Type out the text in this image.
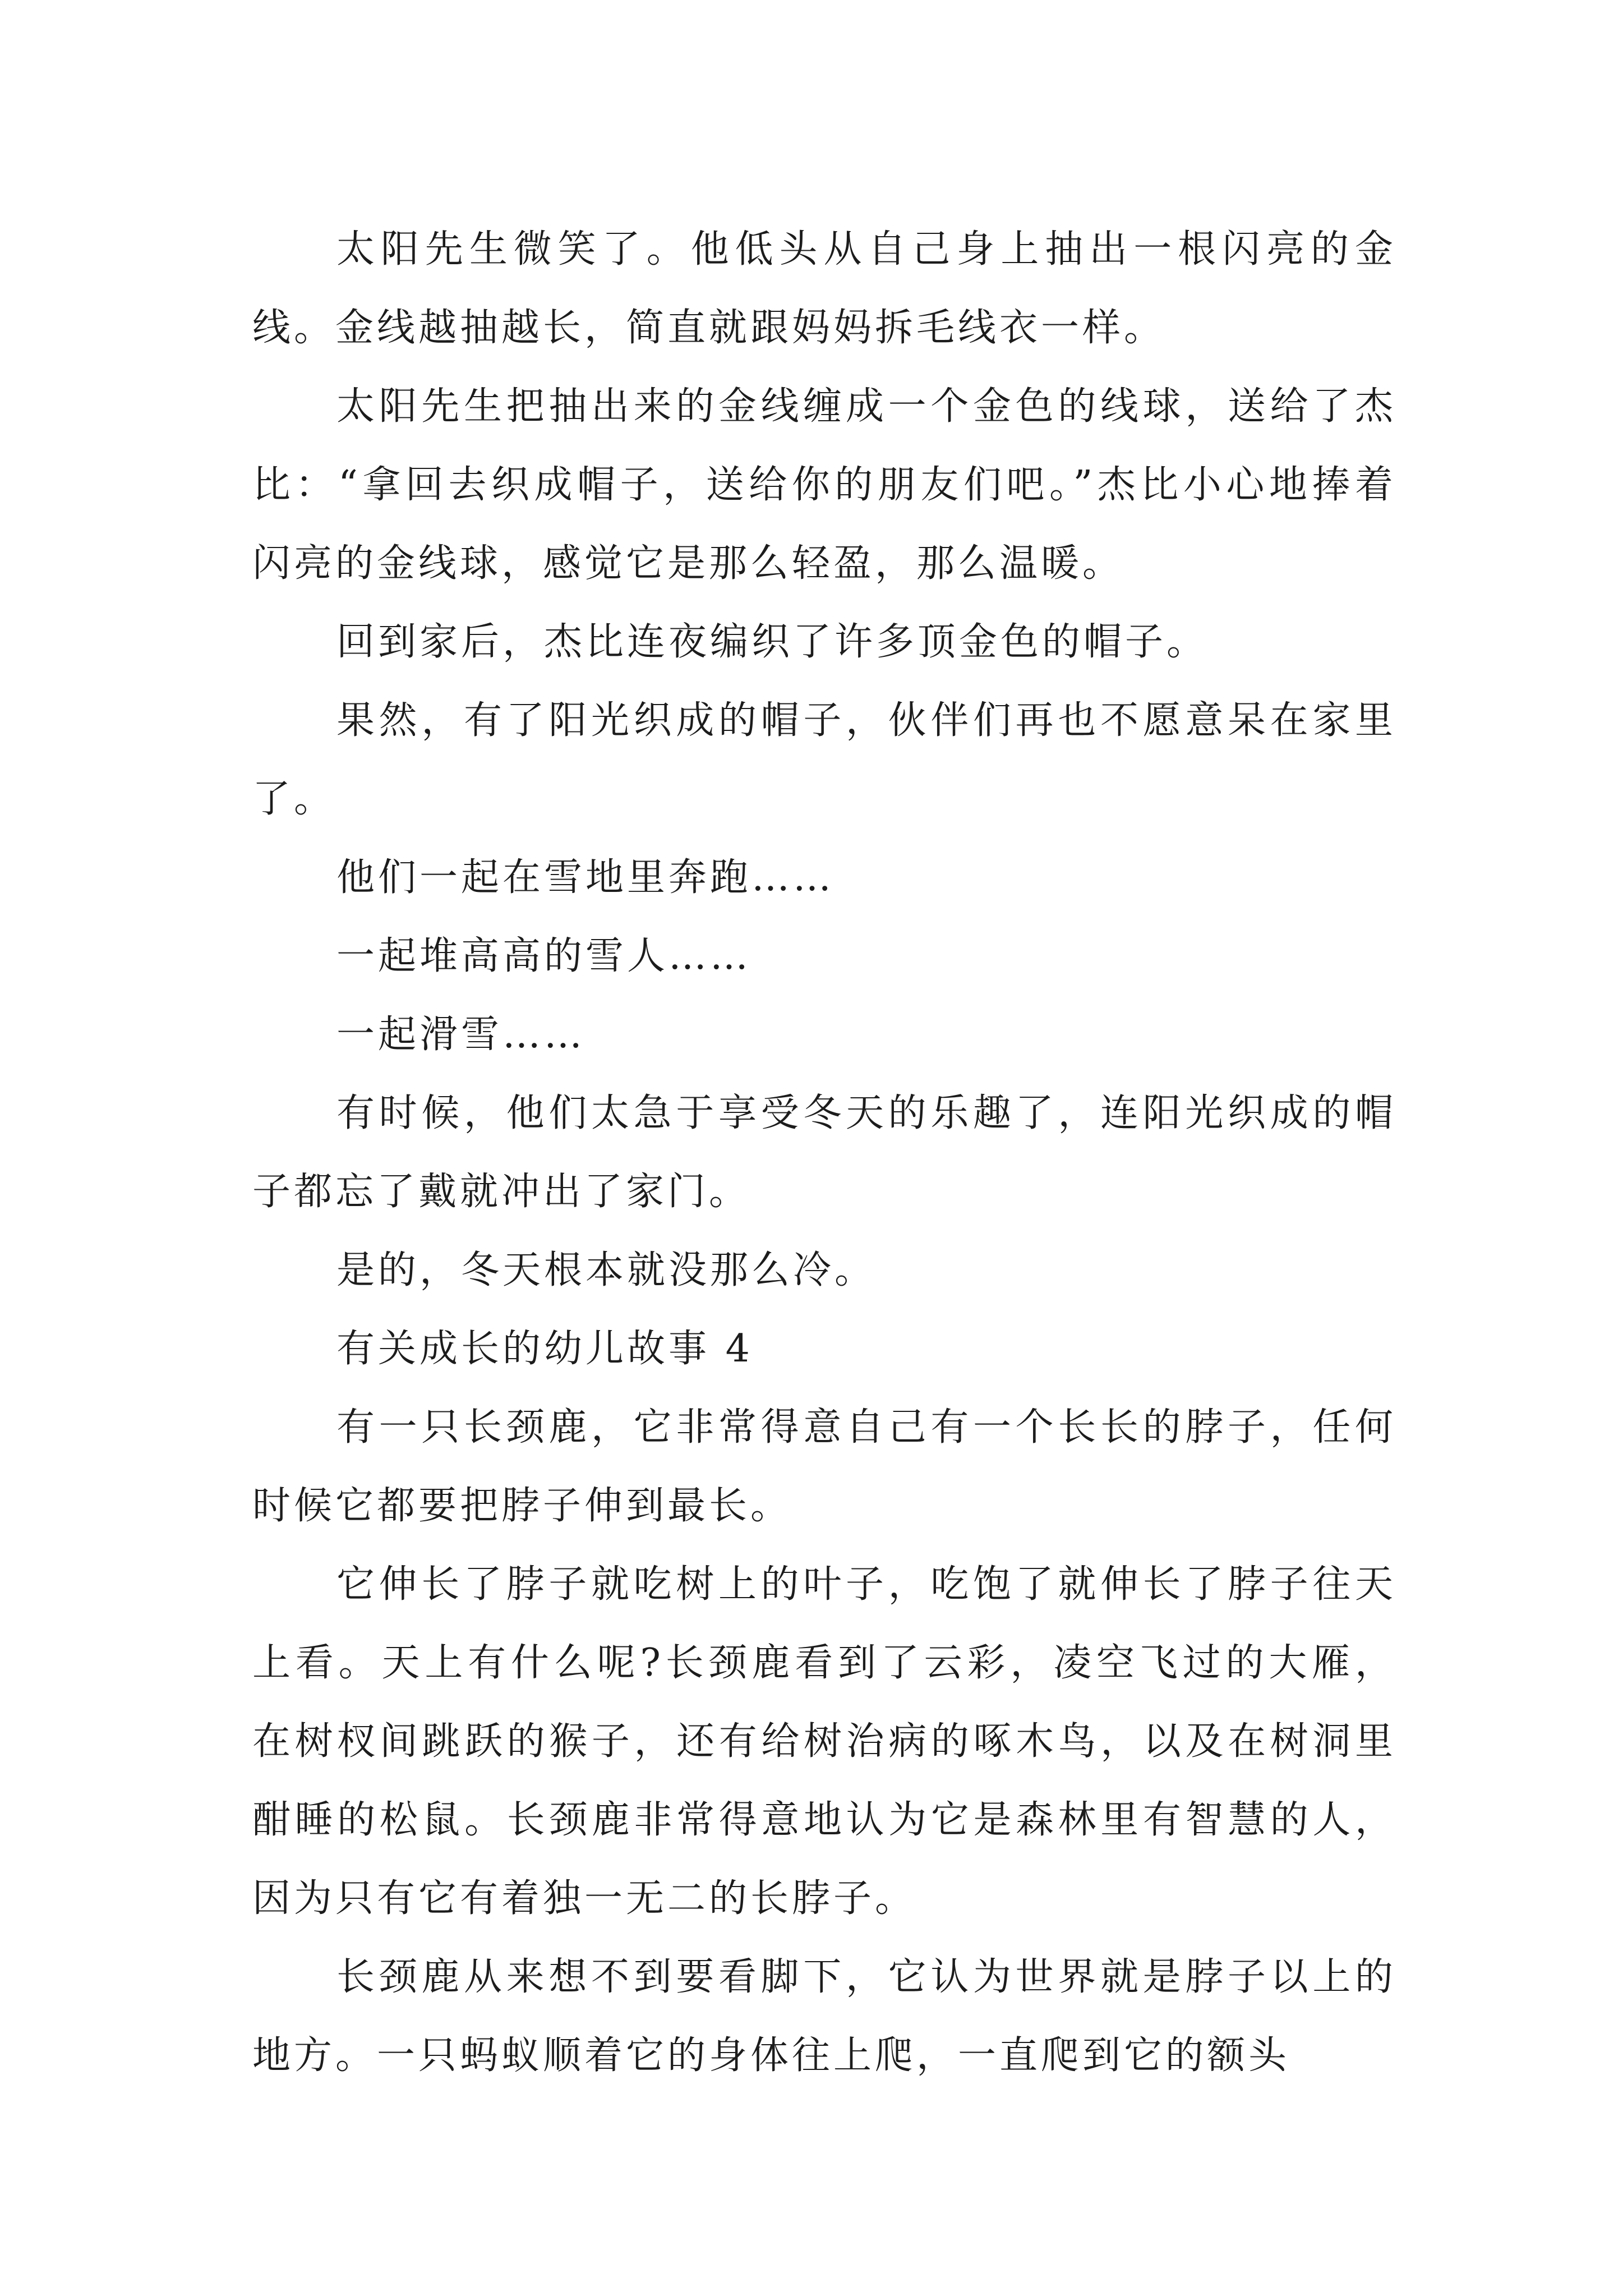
太阳先生微笑了。他低头从自己身上抽出一根闪亮的金线。金线越抽越长，简直就跟妈妈拆毛线衣一样。

太阳先生把抽出来的金线缠成一个金色的线球，送给了杰比：“拿回去织成帽子，送给你的朋友们吧。”杰比小心地捧着闪亮的金线球，感觉它是那么轻盈，那么温暖。

回到家后，杰比连夜编织了许多顶金色的帽子。

果然，有了阳光织成的帽子，伙伴们再也不愿意呆在家里了。

他们一起在雪地里奔跑……

一起堆高高的雪人……

一起滑雪……

有时候，他们太急于享受冬天的乐趣了，连阳光织成的帽子都忘了戴就冲出了家门。

是的，冬天根本就没那么冷。

有关成长的幼儿故事 4

有一只长颈鹿，它非常得意自己有一个长长的脖子，任何时候它都要把脖子伸到最长。

它伸长了脖子就吃树上的叶子，吃饱了就伸长了脖子往天上看。天上有什么呢?长颈鹿看到了云彩，凌空飞过的大雁，在树杈间跳跃的猴子，还有给树治病的啄木鸟，以及在树洞里酣睡的松鼠。长颈鹿非常得意地认为它是森林里有智慧的人，因为只有它有着独一无二的长脖子。

长颈鹿从来想不到要看脚下，它认为世界就是脖子以上的地方。一只蚂蚁顺着它的身体往上爬，一直爬到它的额头
